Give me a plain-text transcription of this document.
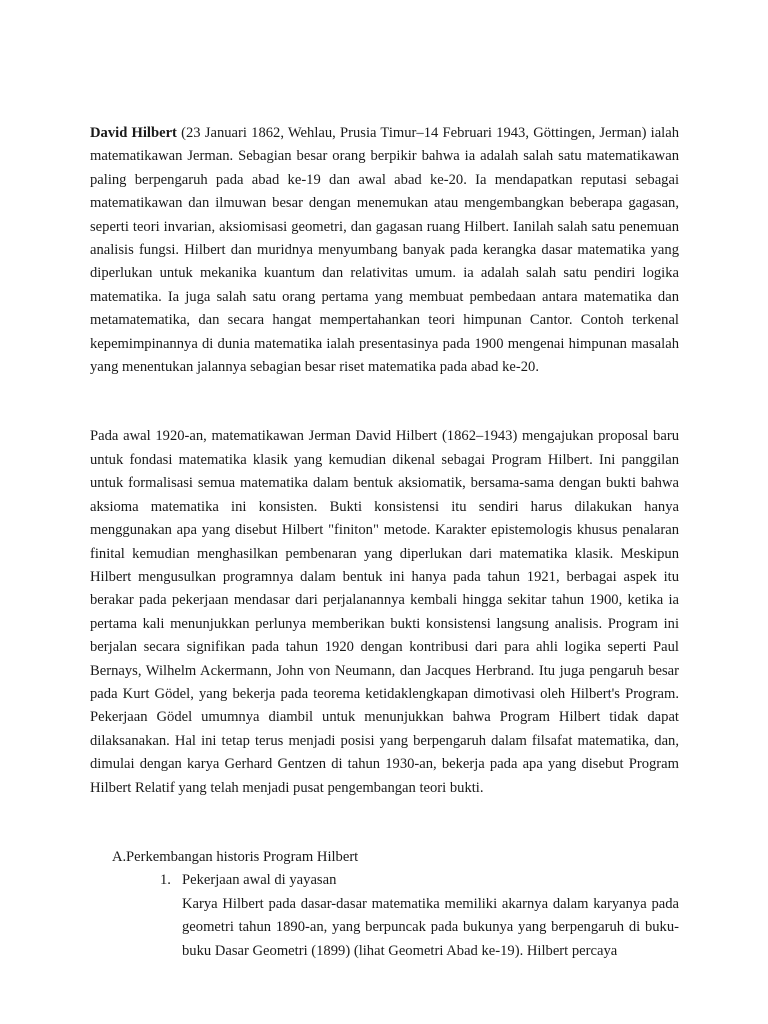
David Hilbert (23 Januari 1862, Wehlau, Prusia Timur–14 Februari 1943, Göttingen, Jerman) ialah matematikawan Jerman. Sebagian besar orang berpikir bahwa ia adalah salah satu matematikawan paling berpengaruh pada abad ke-19 dan awal abad ke-20. Ia mendapatkan reputasi sebagai matematikawan dan ilmuwan besar dengan menemukan atau mengembangkan beberapa gagasan, seperti teori invarian, aksiomisasi geometri, dan gagasan ruang Hilbert. Ianilah salah satu penemuan analisis fungsi. Hilbert dan muridnya menyumbang banyak pada kerangka dasar matematika yang diperlukan untuk mekanika kuantum dan relativitas umum. ia adalah salah satu pendiri logika matematika. Ia juga salah satu orang pertama yang membuat pembedaan antara matematika dan metamatematika, dan secara hangat mempertahankan teori himpunan Cantor. Contoh terkenal kepemimpinannya di dunia matematika ialah presentasinya pada 1900 mengenai himpunan masalah yang menentukan jalannya sebagian besar riset matematika pada abad ke-20.

Pada awal 1920-an, matematikawan Jerman David Hilbert (1862–1943) mengajukan proposal baru untuk fondasi matematika klasik yang kemudian dikenal sebagai Program Hilbert. Ini panggilan untuk formalisasi semua matematika dalam bentuk aksiomatik, bersama-sama dengan bukti bahwa aksioma matematika ini konsisten. Bukti konsistensi itu sendiri harus dilakukan hanya menggunakan apa yang disebut Hilbert "finiton" metode. Karakter epistemologis khusus penalaran finital kemudian menghasilkan pembenaran yang diperlukan dari matematika klasik. Meskipun Hilbert mengusulkan programnya dalam bentuk ini hanya pada tahun 1921, berbagai aspek itu berakar pada pekerjaan mendasar dari perjalanannya kembali hingga sekitar tahun 1900, ketika ia pertama kali menunjukkan perlunya memberikan bukti konsistensi langsung analisis. Program ini berjalan secara signifikan pada tahun 1920 dengan kontribusi dari para ahli logika seperti Paul Bernays, Wilhelm Ackermann, John von Neumann, dan Jacques Herbrand. Itu juga pengaruh besar pada Kurt Gödel, yang bekerja pada teorema ketidaklengkapan dimotivasi oleh Hilbert's Program. Pekerjaan Gödel umumnya diambil untuk menunjukkan bahwa Program Hilbert tidak dapat dilaksanakan. Hal ini tetap terus menjadi posisi yang berpengaruh dalam filsafat matematika, dan, dimulai dengan karya Gerhard Gentzen di tahun 1930-an, bekerja pada apa yang disebut Program Hilbert Relatif yang telah menjadi pusat pengembangan teori bukti.

A. Perkembangan historis Program Hilbert

1. Pekerjaan awal di yayasan

Karya Hilbert pada dasar-dasar matematika memiliki akarnya dalam karyanya pada geometri tahun 1890-an, yang berpuncak pada bukunya yang berpengaruh di buku-buku Dasar Geometri (1899) (lihat Geometri Abad ke-19). Hilbert percaya
